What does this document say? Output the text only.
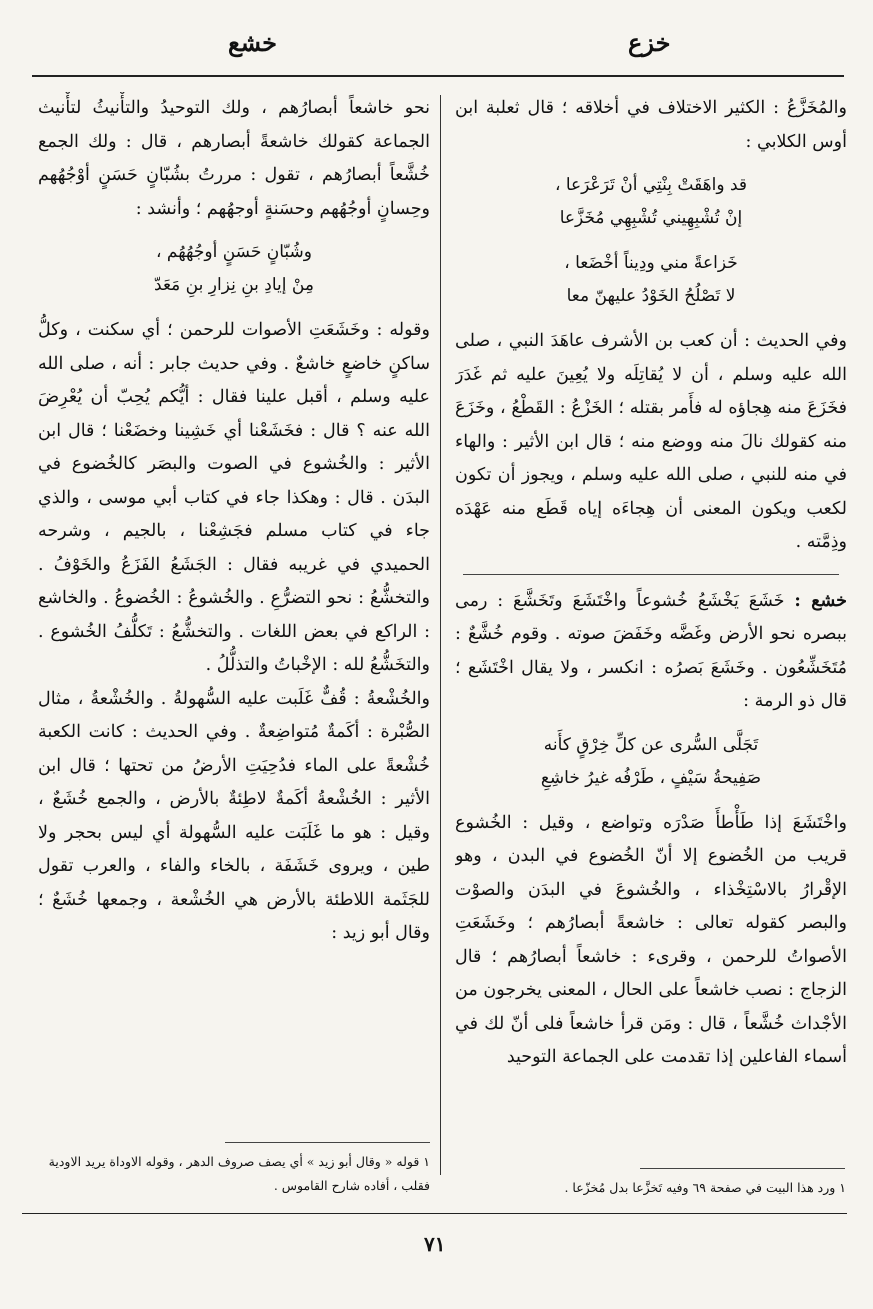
خشع	خزع

والمُخَزَّعُ : الكثير الاختلاف في أخلاقه ؛ قال ثعلبة ابن أوس الكلابي :

قد واهَقَتْ بِنْتِي أنْ تَرَعْرَعا ،
إنْ تُشْبِهِيني تُشْبِهِي مُخَزَّعا
خَزاعةً مني ودِيناً أخْضَعا ،
لا تَصْلُحُ الخَوْدُ عليهنّ معا

وفي الحديث : أن كعب بن الأشرف عاهَدَ النبي ، صلى الله عليه وسلم ، أن لا يُقاتِلَه ولا يُعِينَ عليه ثم غَدَرَ فخَزَعَ منه هِجاؤه له فأَمر بقتله ؛ الخَزْعُ : القَطْعُ ، وخَزَعَ منه كقولك نالَ منه ووضع منه ؛ قال ابن الأثير : والهاء في منه للنبي ، صلى الله عليه وسلم ، ويجوز أن تكون لكعب ويكون المعنى أن هِجاءَه إياه قَطَع منه عَهْدَه وذِمَّته .

خشع : خَشَعَ يَخْشَعُ خُشوعاً واخْتَشَعَ وتَخَشَّعَ : رمى ببصره نحو الأرض وغَضَّه وخَفَضَ صوته . وقوم خُشَّعٌ : مُتَخَشِّعُون . وخَشَعَ بَصرُه : انكسر ، ولا يقال اخْتَشَع ؛ قال ذو الرمة :

تَجَلَّى السُّرى عن كلِّ خِرْقٍ كأَنه
صَفِيحةُ سَيْفٍ ، طَرْفُه غيرُ خاشِعِ

واخْتَشَعَ إذا طَأْطأَ صَدْرَه وتواضع ، وقيل : الخُشوع قريب من الخُضوع إلا أنّ الخُضوع في البدن ، وهو الإقْرارُ بالاسْتِخْذاء ، والخُشوعَ في البدَن والصوْت والبصر كقوله تعالى : خاشعةً أبصارُهم ؛ وخَشَعَتِ الأصواتُ للرحمن ، وقرىء : خاشعاً أبصارُهم ؛ قال الزجاج : نصب خاشعاً على الحال ، المعنى يخرجون من الأجْداث خُشَّعاً ، قال : ومَن قرأ خاشعاً فلى أنّ لك في أسماء الفاعلين إذا تقدمت على الجماعة التوحيد

نحو خاشعاً أبصارُهم ، ولك التوحيدُ والتأْنيثُ لتأْنيث الجماعة كقولك خاشعةً أبصارهم ، قال : ولك الجمع خُشَّعاً أبصارُهم ، تقول : مررتُ بشُبّانٍ حَسَنٍ أوْجُهُهم وحِسانٍ أوجُهُهم وحسَنةٍ أوجهُهم ؛ وأنشد :

وشُبّانٍ حَسَنٍ أوجُهُهُم ،
مِنْ إيادِ بنِ نِزارِ بنِ مَعَدّ

وقوله : وخَشَعَتِ الأصوات للرحمن ؛ أي سكنت ، وكلُّ ساكنٍ خاضعٍ خاشعٌ . وفي حديث جابر : أنه ، صلى الله عليه وسلم ، أقبل علينا فقال : أيُّكم يُحِبّ أن يُعْرِضَ الله عنه ؟ قال : فخَشَعْنا أي خَشِينا وخضَعْنا ؛ قال ابن الأثير : والخُشوع في الصوت والبصَر كالخُضوع في البدَن . قال : وهكذا جاء في كتاب أبي موسى ، والذي جاء في كتاب مسلم فجَشِعْنا ، بالجيم ، وشرحه الحميدي في غريبه فقال : الجَشَعُ الفَزَعُ والخَوْفُ . والتخشُّعُ : نحو التضرُّعِ . والخُشوعُ : الخُضوعُ . والخاشع : الراكع في بعض اللغات . والتخشُّعُ : تَكلُّفُ الخُشوع . والتخَشُّعُ لله : الإخْباتُ والتذلُّلُ .

والخُشْعةُ : قُفٌّ غَلَبت عليه السُّهولةُ . والخُشْعةُ ، مثال الصُّبْرة : أكَمةٌ مُتواضِعةٌ . وفي الحديث : كانت الكعبة خُشْعةً على الماء فدُحِيَتِ الأرضُ من تحتها ؛ قال ابن الأثير : الخُشْعةُ أكَمةٌ لاطِئةٌ بالأرض ، والجمع خُشَعٌ ، وقيل : هو ما غَلَبَت عليه السُّهولة أي ليس بحجر ولا طين ، ويروى خَشَفَة ، بالخاء والفاء ، والعرب تقول للجَثَمة اللاطئة بالأرض هي الخُشْعة ، وجمعها خُشَعٌ ؛ وقال أبو زيد :

١ قوله « وقال أبو زيد » أي يصف صروف الدهر ، وقوله الاوداة يريد الاودية فقلب ، أفاده شارح القاموس .	١ ورد هذا البيت في صفحة ٦٩ وفيه تَخزَّعا بدل مُخزّعا .
٧١
